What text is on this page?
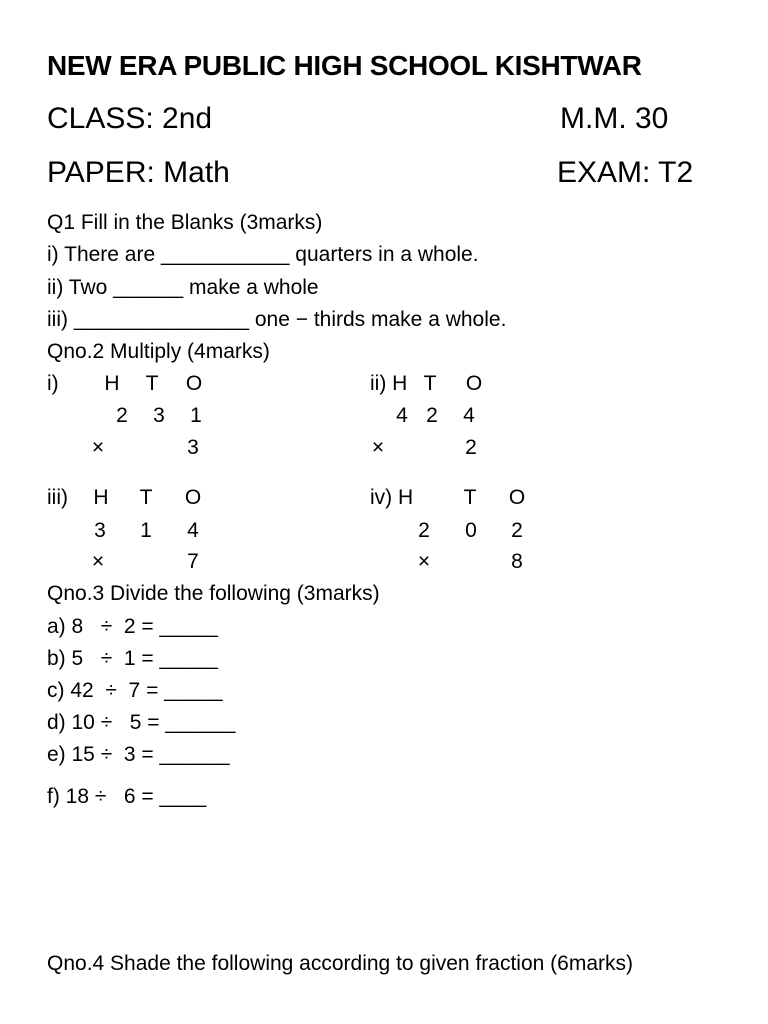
NEW ERA PUBLIC HIGH SCHOOL KISHTWAR
CLASS: 2nd	M.M. 30
PAPER: Math	EXAM: T2
Q1 Fill in the Blanks (3marks)
i) There are ___________ quarters in a whole.
ii) Two ______ make a whole
iii) _______________ one − thirds make a whole.
Qno.2 Multiply (4marks)
i) H T O
2 3 1
×	3
ii) H T O
4 2 4
×	2
iii) H T O
3 1 4
×	7
iv) H T O
2 0 2
×	8
Qno.3 Divide the following (3marks)
a) 8   ÷  2 = _____
b) 5   ÷  1 = _____
c) 42  ÷  7 = _____
d) 10 ÷   5 = ______
e) 15 ÷  3 = ______
f) 18 ÷   6 = ____
Qno.4 Shade the following according to given fraction (6marks)
